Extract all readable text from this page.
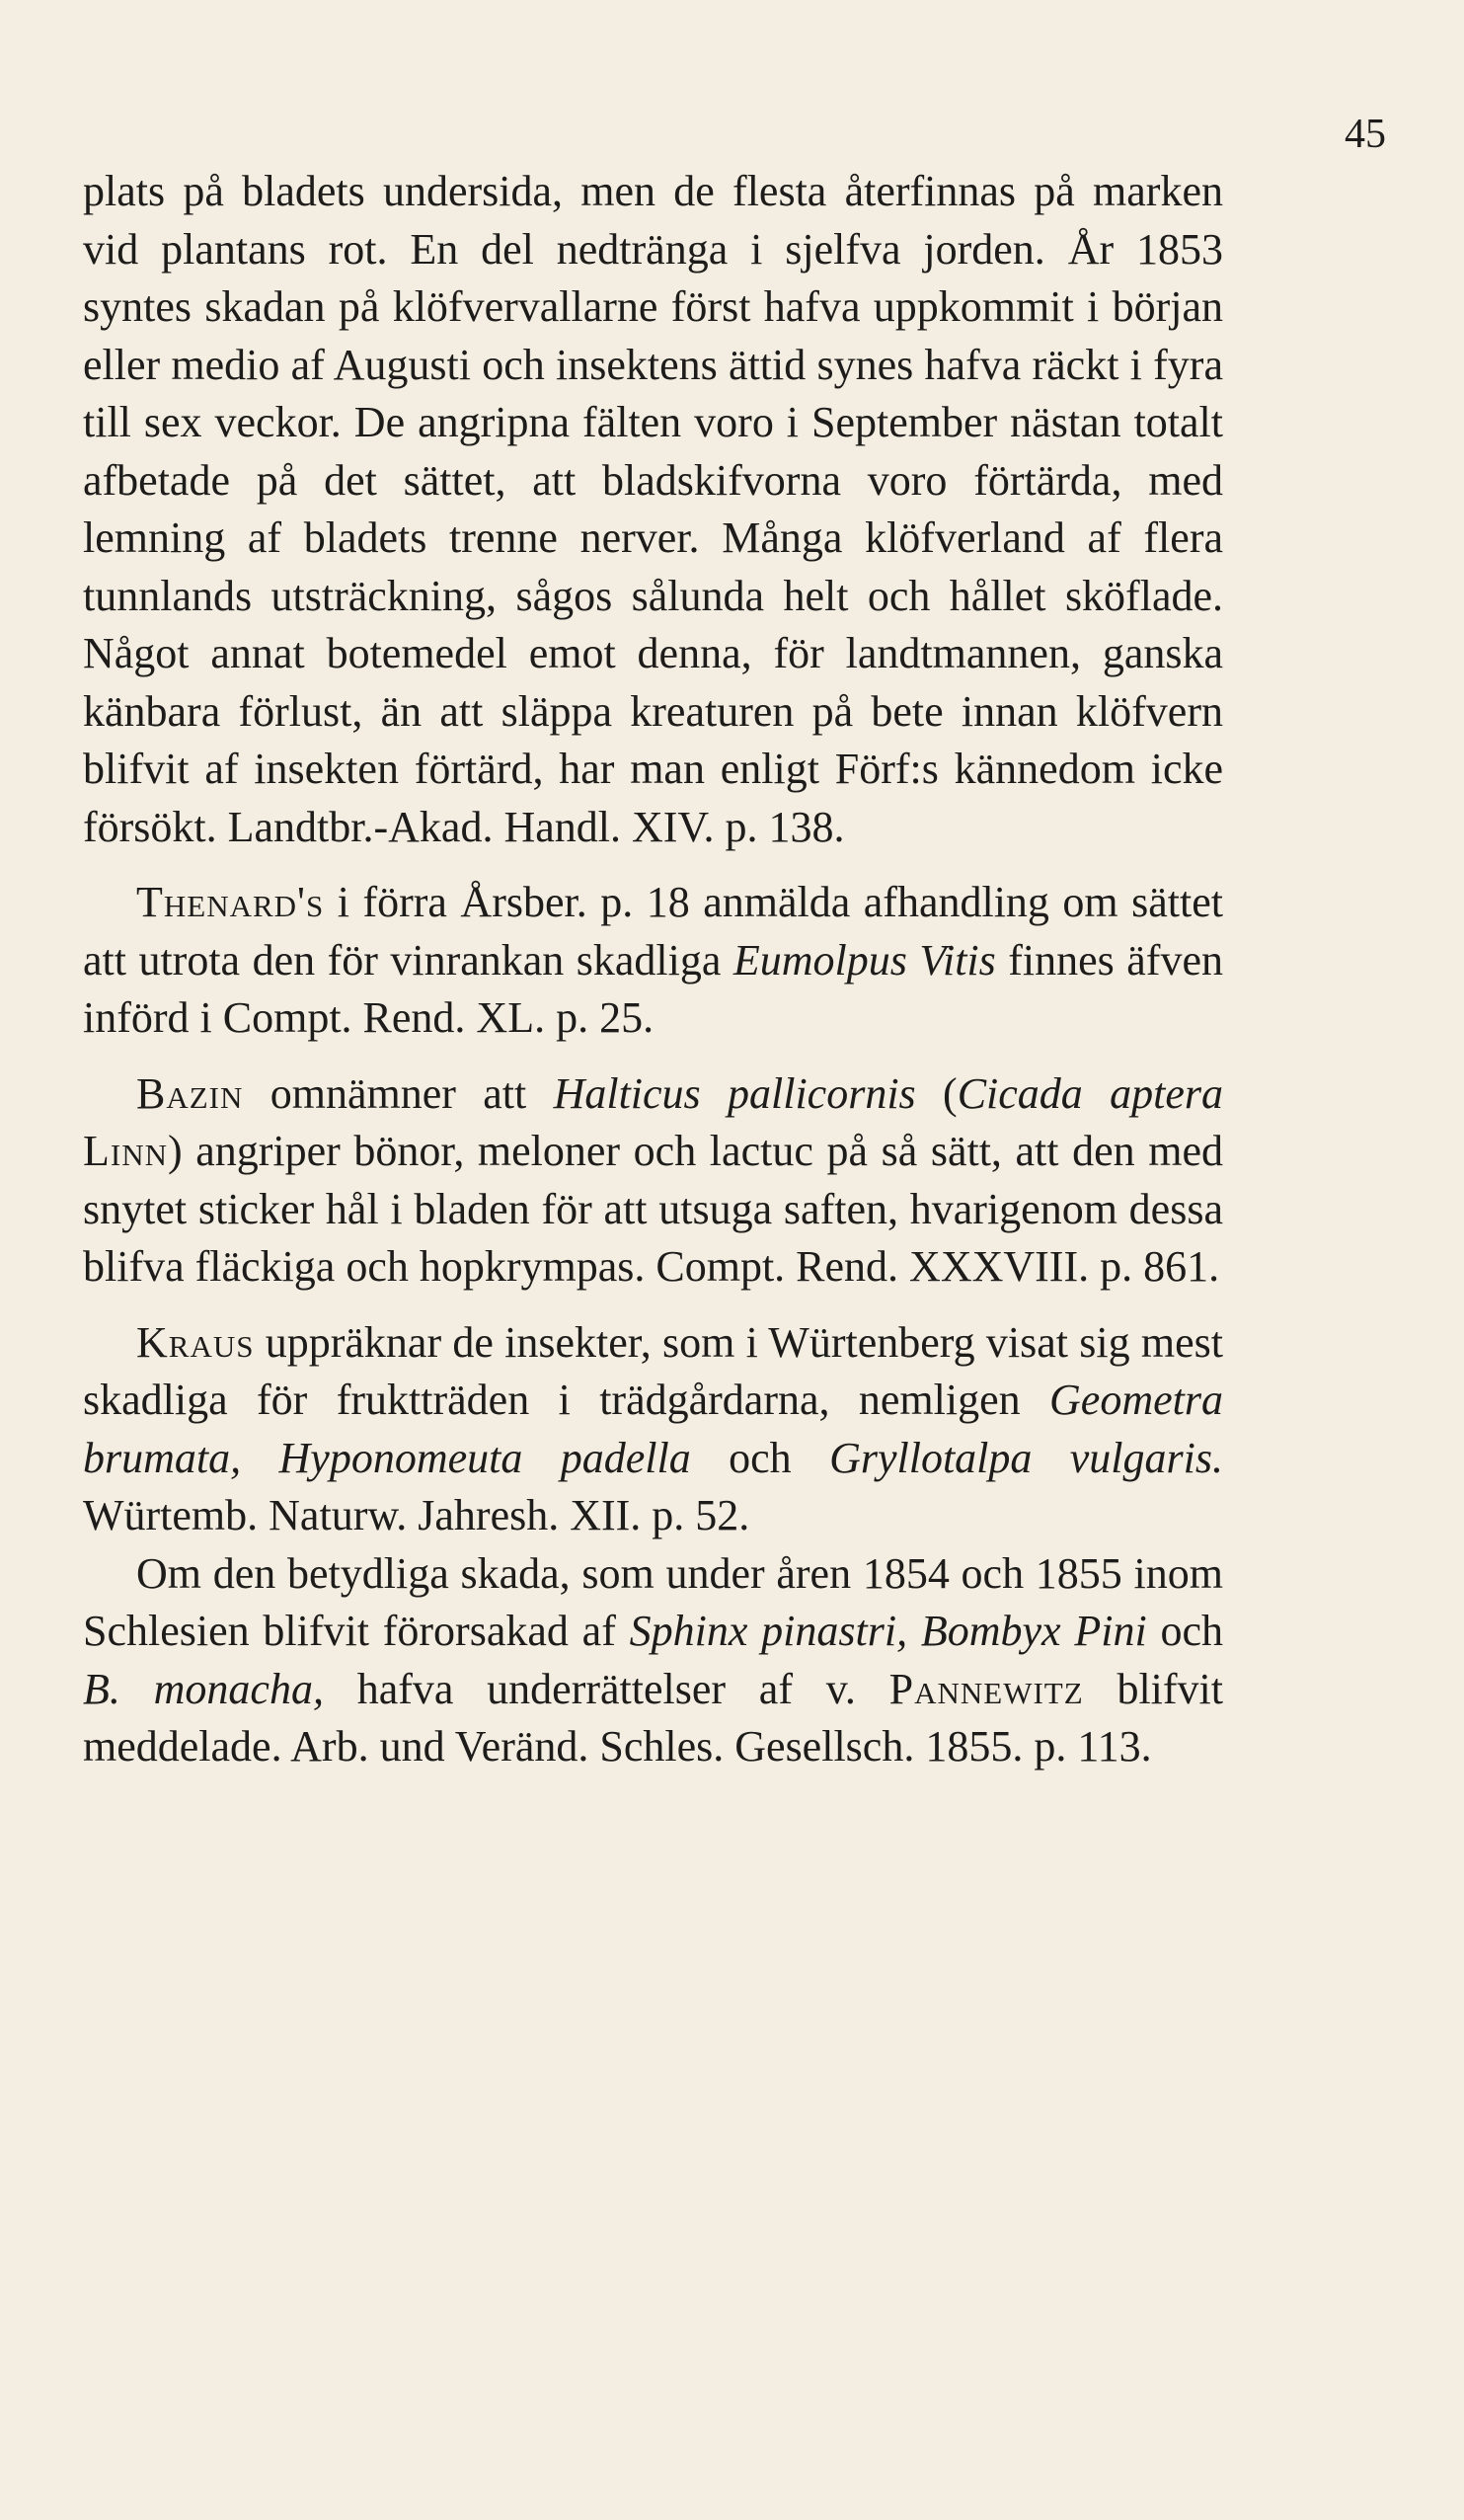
45

plats på bladets undersida, men de flesta återfinnas på marken vid plantans rot. En del nedtränga i sjelfva jorden. År 1853 syntes skadan på klöfvervallarne först hafva uppkommit i början eller medio af Augusti och insektens ättid synes hafva räckt i fyra till sex veckor. De angripna fälten voro i September nästan totalt afbetade på det sättet, att bladskifvorna voro förtärda, med lemning af bladets trenne nerver. Många klöfverland af flera tunnlands utsträckning, sågos sålunda helt och hållet sköflade. Något annat botemedel emot denna, för landtmannen, ganska känbara förlust, än att släppa kreaturen på bete innan klöfvern blifvit af insekten förtärd, har man enligt Förf:s kännedom icke försökt. Landtbr.-Akad. Handl. XIV. p. 138.

Thenard's i förra Årsber. p. 18 anmälda afhandling om sättet att utrota den för vinrankan skadliga Eumolpus Vitis finnes äfven införd i Compt. Rend. XL. p. 25.

Bazin omnämner att Halticus pallicornis (Cicada aptera Linn) angriper bönor, meloner och lactuc på så sätt, att den med snytet sticker hål i bladen för att utsuga saften, hvarigenom dessa blifva fläckiga och hopkrympas. Compt. Rend. XXXVIII. p. 861.

Kraus uppräknar de insekter, som i Würtenberg visat sig mest skadliga för fruktträden i trädgårdarna, nemligen Geometra brumata, Hyponomeuta padella och Gryllotalpa vulgaris. Würtemb. Naturw. Jahresh. XII. p. 52.

Om den betydliga skada, som under åren 1854 och 1855 inom Schlesien blifvit förorsakad af Sphinx pinastri, Bombyx Pini och B. monacha, hafva underrättelser af v. Pannewitz blifvit meddelade. Arb. und Veränd. Schles. Gesellsch. 1855. p. 113.
